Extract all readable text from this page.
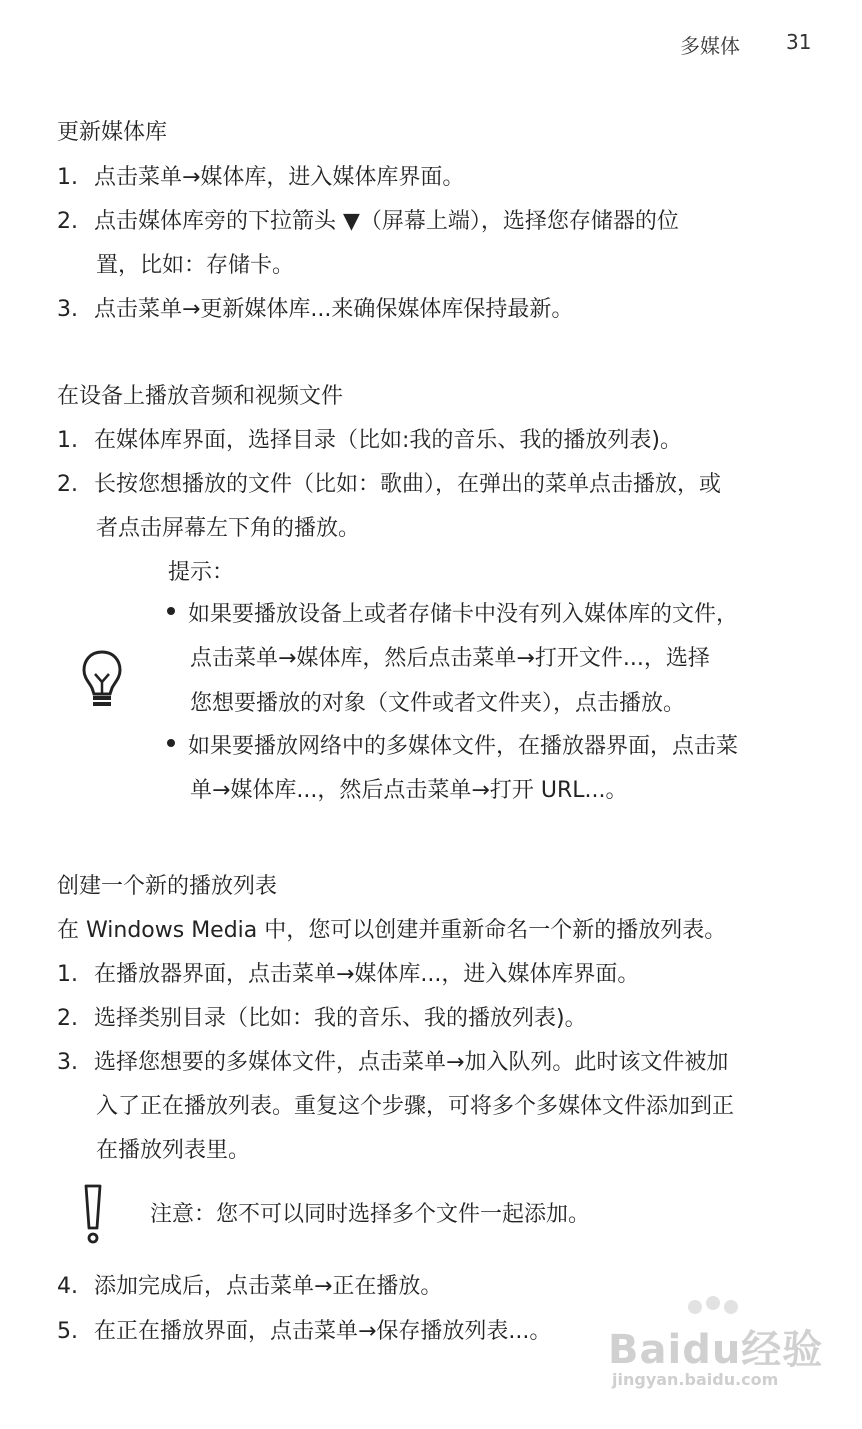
多媒体 31
更新媒体库
1. 点击菜单→媒体库，进入媒体库界面。
2. 点击媒体库旁的下拉箭头 ▼（屏幕上端），选择您存储器的位
置，比如：存储卡。
3. 点击菜单→更新媒体库...来确保媒体库保持最新。
在设备上播放音频和视频文件
1. 在媒体库界面，选择目录（比如:我的音乐、我的播放列表)。
2. 长按您想播放的文件（比如：歌曲），在弹出的菜单点击播放，或
者点击屏幕左下角的播放。
提示：
如果要播放设备上或者存储卡中没有列入媒体库的文件，
点击菜单→媒体库，然后点击菜单→打开文件...，选择
您想要播放的对象（文件或者文件夹），点击播放。
如果要播放网络中的多媒体文件，在播放器界面，点击菜
单→媒体库...，然后点击菜单→打开 URL...。
创建一个新的播放列表
在 Windows Media 中，您可以创建并重新命名一个新的播放列表。
1. 在播放器界面，点击菜单→媒体库...，进入媒体库界面。
2. 选择类别目录（比如：我的音乐、我的播放列表)。
3. 选择您想要的多媒体文件，点击菜单→加入队列。此时该文件被加
入了正在播放列表。重复这个步骤，可将多个多媒体文件添加到正
在播放列表里。
注意：您不可以同时选择多个文件一起添加。
4. 添加完成后，点击菜单→正在播放。
5. 在正在播放界面，点击菜单→保存播放列表...。 Baidu经验
jingyan.baidu.com
